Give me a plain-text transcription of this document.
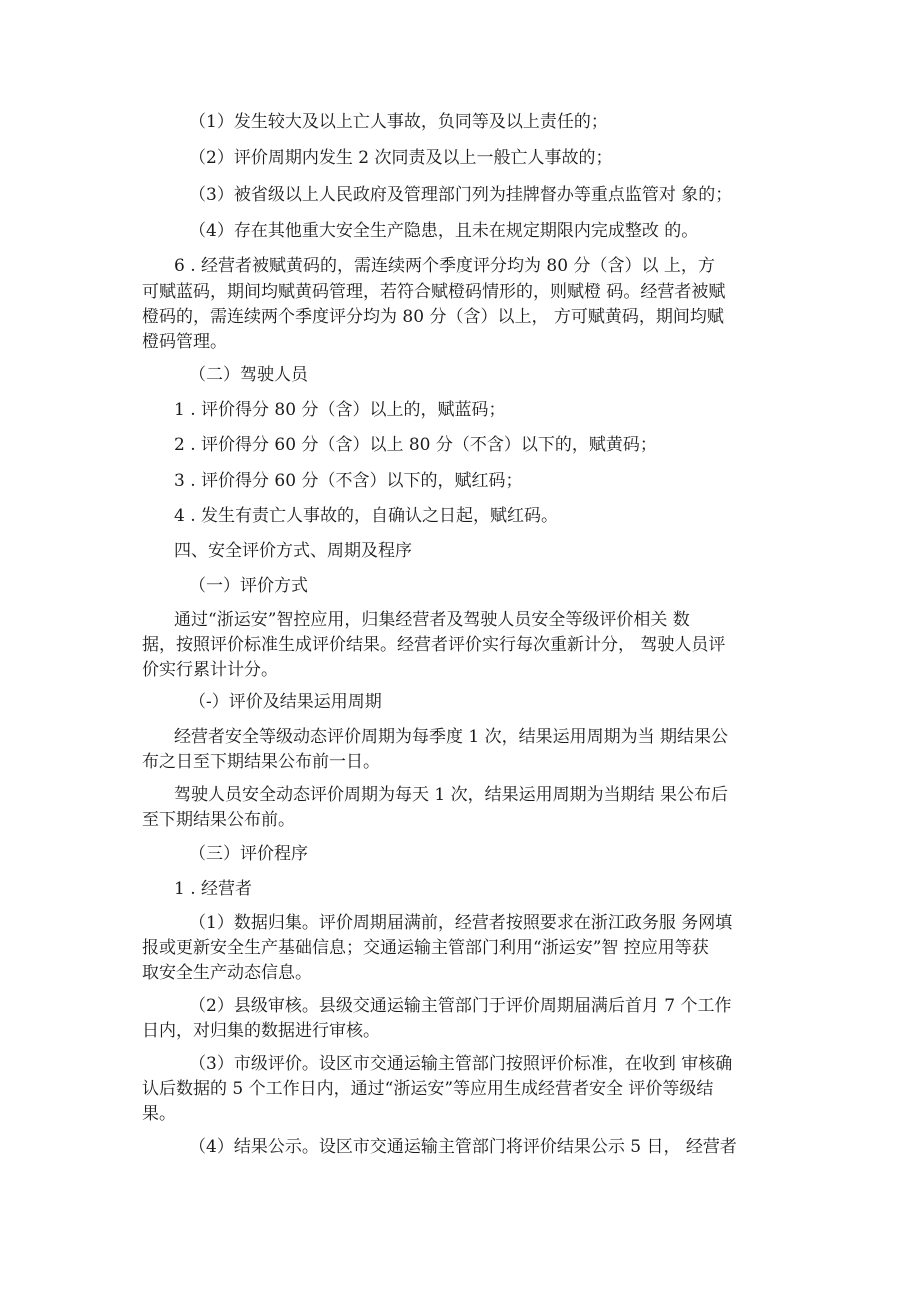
（1）发生较大及以上亡人事故，负同等及以上责任的；
（2）评价周期内发生 2 次同责及以上一般亡人事故的；
（3）被省级以上人民政府及管理部门列为挂牌督办等重点监管对 象的；
（4）存在其他重大安全生产隐患，且未在规定期限内完成整改 的。
6 . 经营者被赋黄码的，需连续两个季度评分均为 80 分（含）以 上，方
可赋蓝码，期间均赋黄码管理，若符合赋橙码情形的，则赋橙 码。经营者被赋
橙码的，需连续两个季度评分均为 80 分（含）以上， 方可赋黄码，期间均赋
橙码管理。
（二）驾驶人员
1 . 评价得分 80 分（含）以上的，赋蓝码；
2 . 评价得分 60 分（含）以上 80 分（不含）以下的，赋黄码；
3 . 评价得分 60 分（不含）以下的，赋红码；
4 . 发生有责亡人事故的，自确认之日起，赋红码。
四、安全评价方式、周期及程序
（一）评价方式
通过“浙运安”智控应用，归集经营者及驾驶人员安全等级评价相关 数
据，按照评价标准生成评价结果。经营者评价实行每次重新计分， 驾驶人员评
价实行累计计分。
（-）评价及结果运用周期
经营者安全等级动态评价周期为每季度 1 次，结果运用周期为当 期结果公
布之日至下期结果公布前一日。
驾驶人员安全动态评价周期为每天 1 次，结果运用周期为当期结 果公布后
至下期结果公布前。
（三）评价程序
1 . 经营者
（1）数据归集。评价周期届满前，经营者按照要求在浙江政务服 务网填
报或更新安全生产基础信息；交通运输主管部门利用“浙运安”智 控应用等获
取安全生产动态信息。
（2）县级审核。县级交通运输主管部门于评价周期届满后首月 7 个工作
日内，对归集的数据进行审核。
（3）市级评价。设区市交通运输主管部门按照评价标准，在收到 审核确
认后数据的 5 个工作日内，通过“浙运安”等应用生成经营者安全 评价等级结
果。
（4）结果公示。设区市交通运输主管部门将评价结果公示 5 日， 经营者
